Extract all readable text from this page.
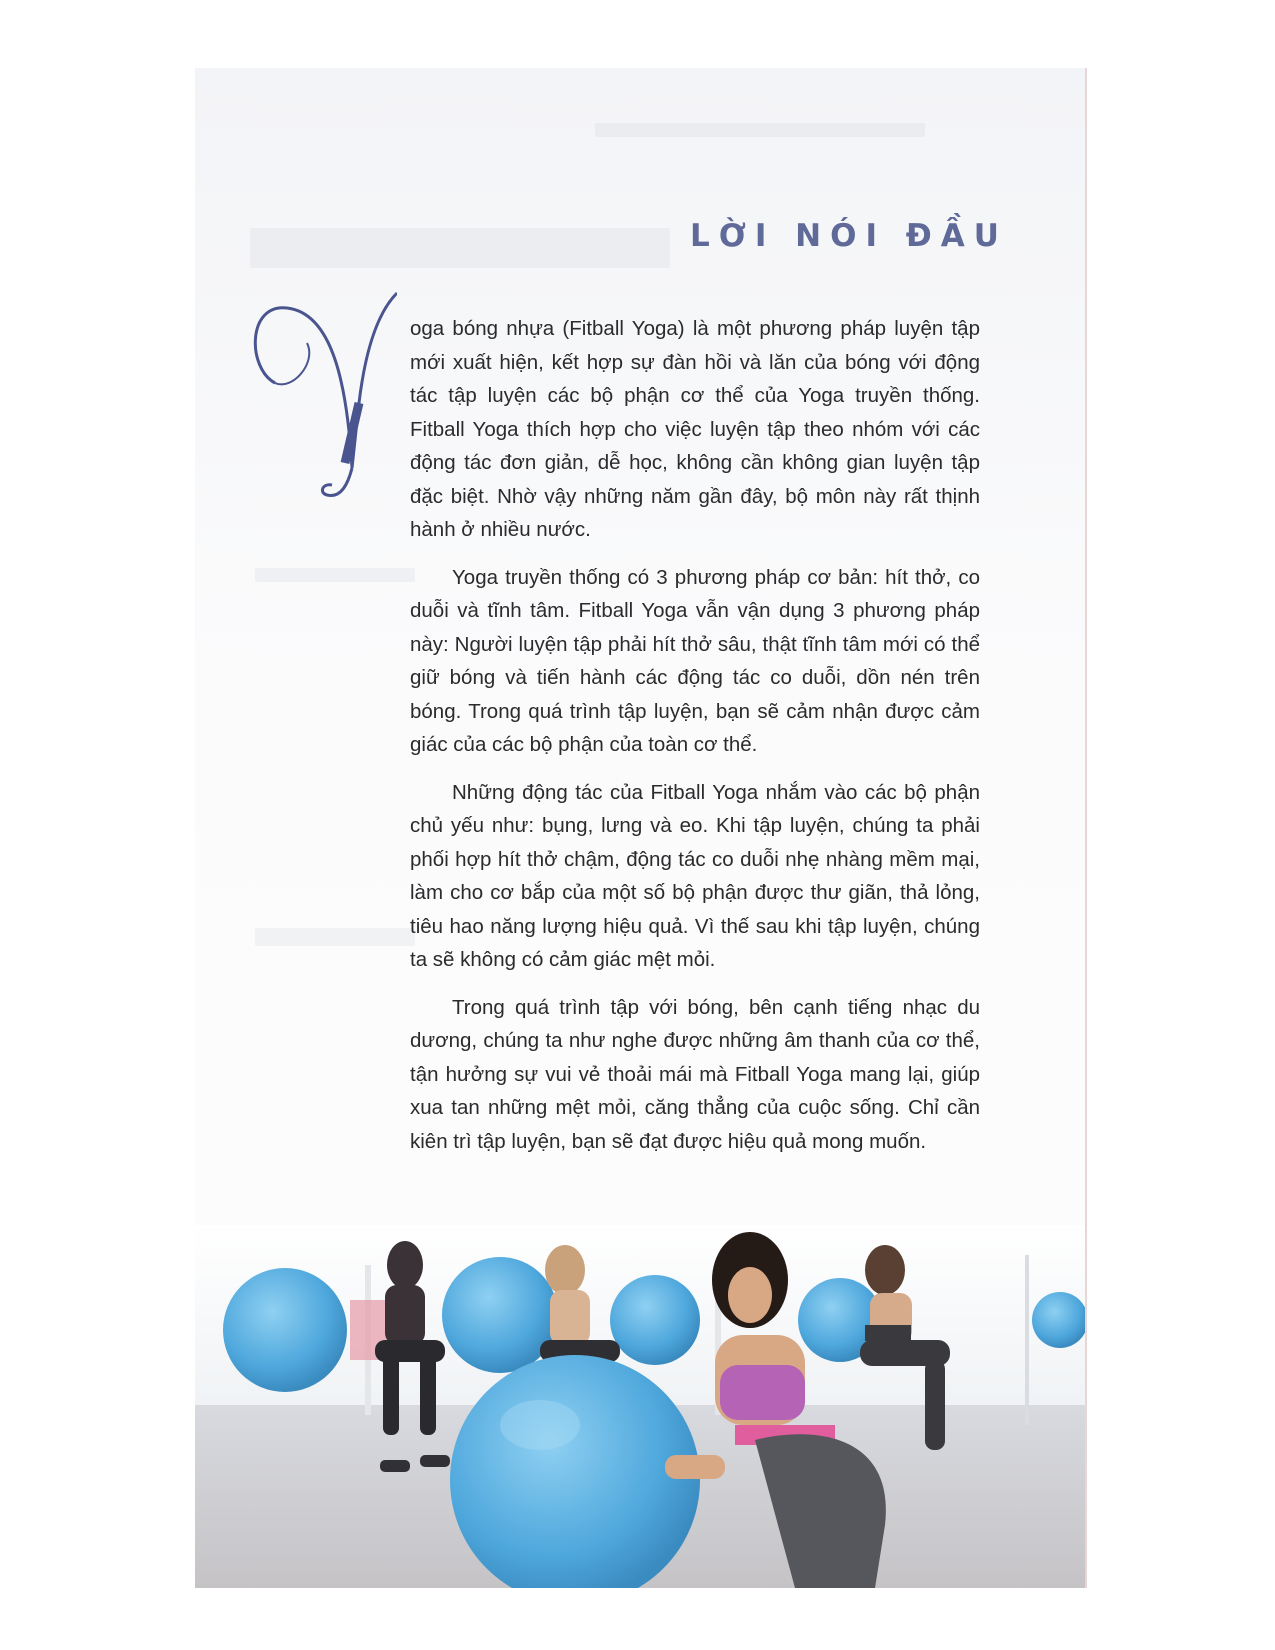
LỜI NÓI ĐẦU

oga bóng nhựa (Fitball Yoga) là một phương pháp luyện tập mới xuất hiện, kết hợp sự đàn hồi và lăn của bóng với động tác tập luyện các bộ phận cơ thể của Yoga truyền thống. Fitball Yoga thích hợp cho việc luyện tập theo nhóm với các động tác đơn giản, dễ học, không cần không gian luyện tập đặc biệt. Nhờ vậy những năm gần đây, bộ môn này rất thịnh hành ở nhiều nước.

Yoga truyền thống có 3 phương pháp cơ bản: hít thở, co duỗi và tĩnh tâm. Fitball Yoga vẫn vận dụng 3 phương pháp này: Người luyện tập phải hít thở sâu, thật tĩnh tâm mới có thể giữ bóng và tiến hành các động tác co duỗi, dồn nén trên bóng. Trong quá trình tập luyện, bạn sẽ cảm nhận được cảm giác của các bộ phận của toàn cơ thể.

Những động tác của Fitball Yoga nhắm vào các bộ phận chủ yếu như: bụng, lưng và eo. Khi tập luyện, chúng ta phải phối hợp hít thở chậm, động tác co duỗi nhẹ nhàng mềm mại, làm cho cơ bắp của một số bộ phận được thư giãn, thả lỏng, tiêu hao năng lượng hiệu quả. Vì thế sau khi tập luyện, chúng ta sẽ không có cảm giác mệt mỏi.

Trong quá trình tập với bóng, bên cạnh tiếng nhạc du dương, chúng ta như nghe được những âm thanh của cơ thể, tận hưởng sự vui vẻ thoải mái mà Fitball Yoga mang lại, giúp xua tan những mệt mỏi, căng thẳng của cuộc sống. Chỉ cần kiên trì tập luyện, bạn sẽ đạt được hiệu quả mong muốn.
